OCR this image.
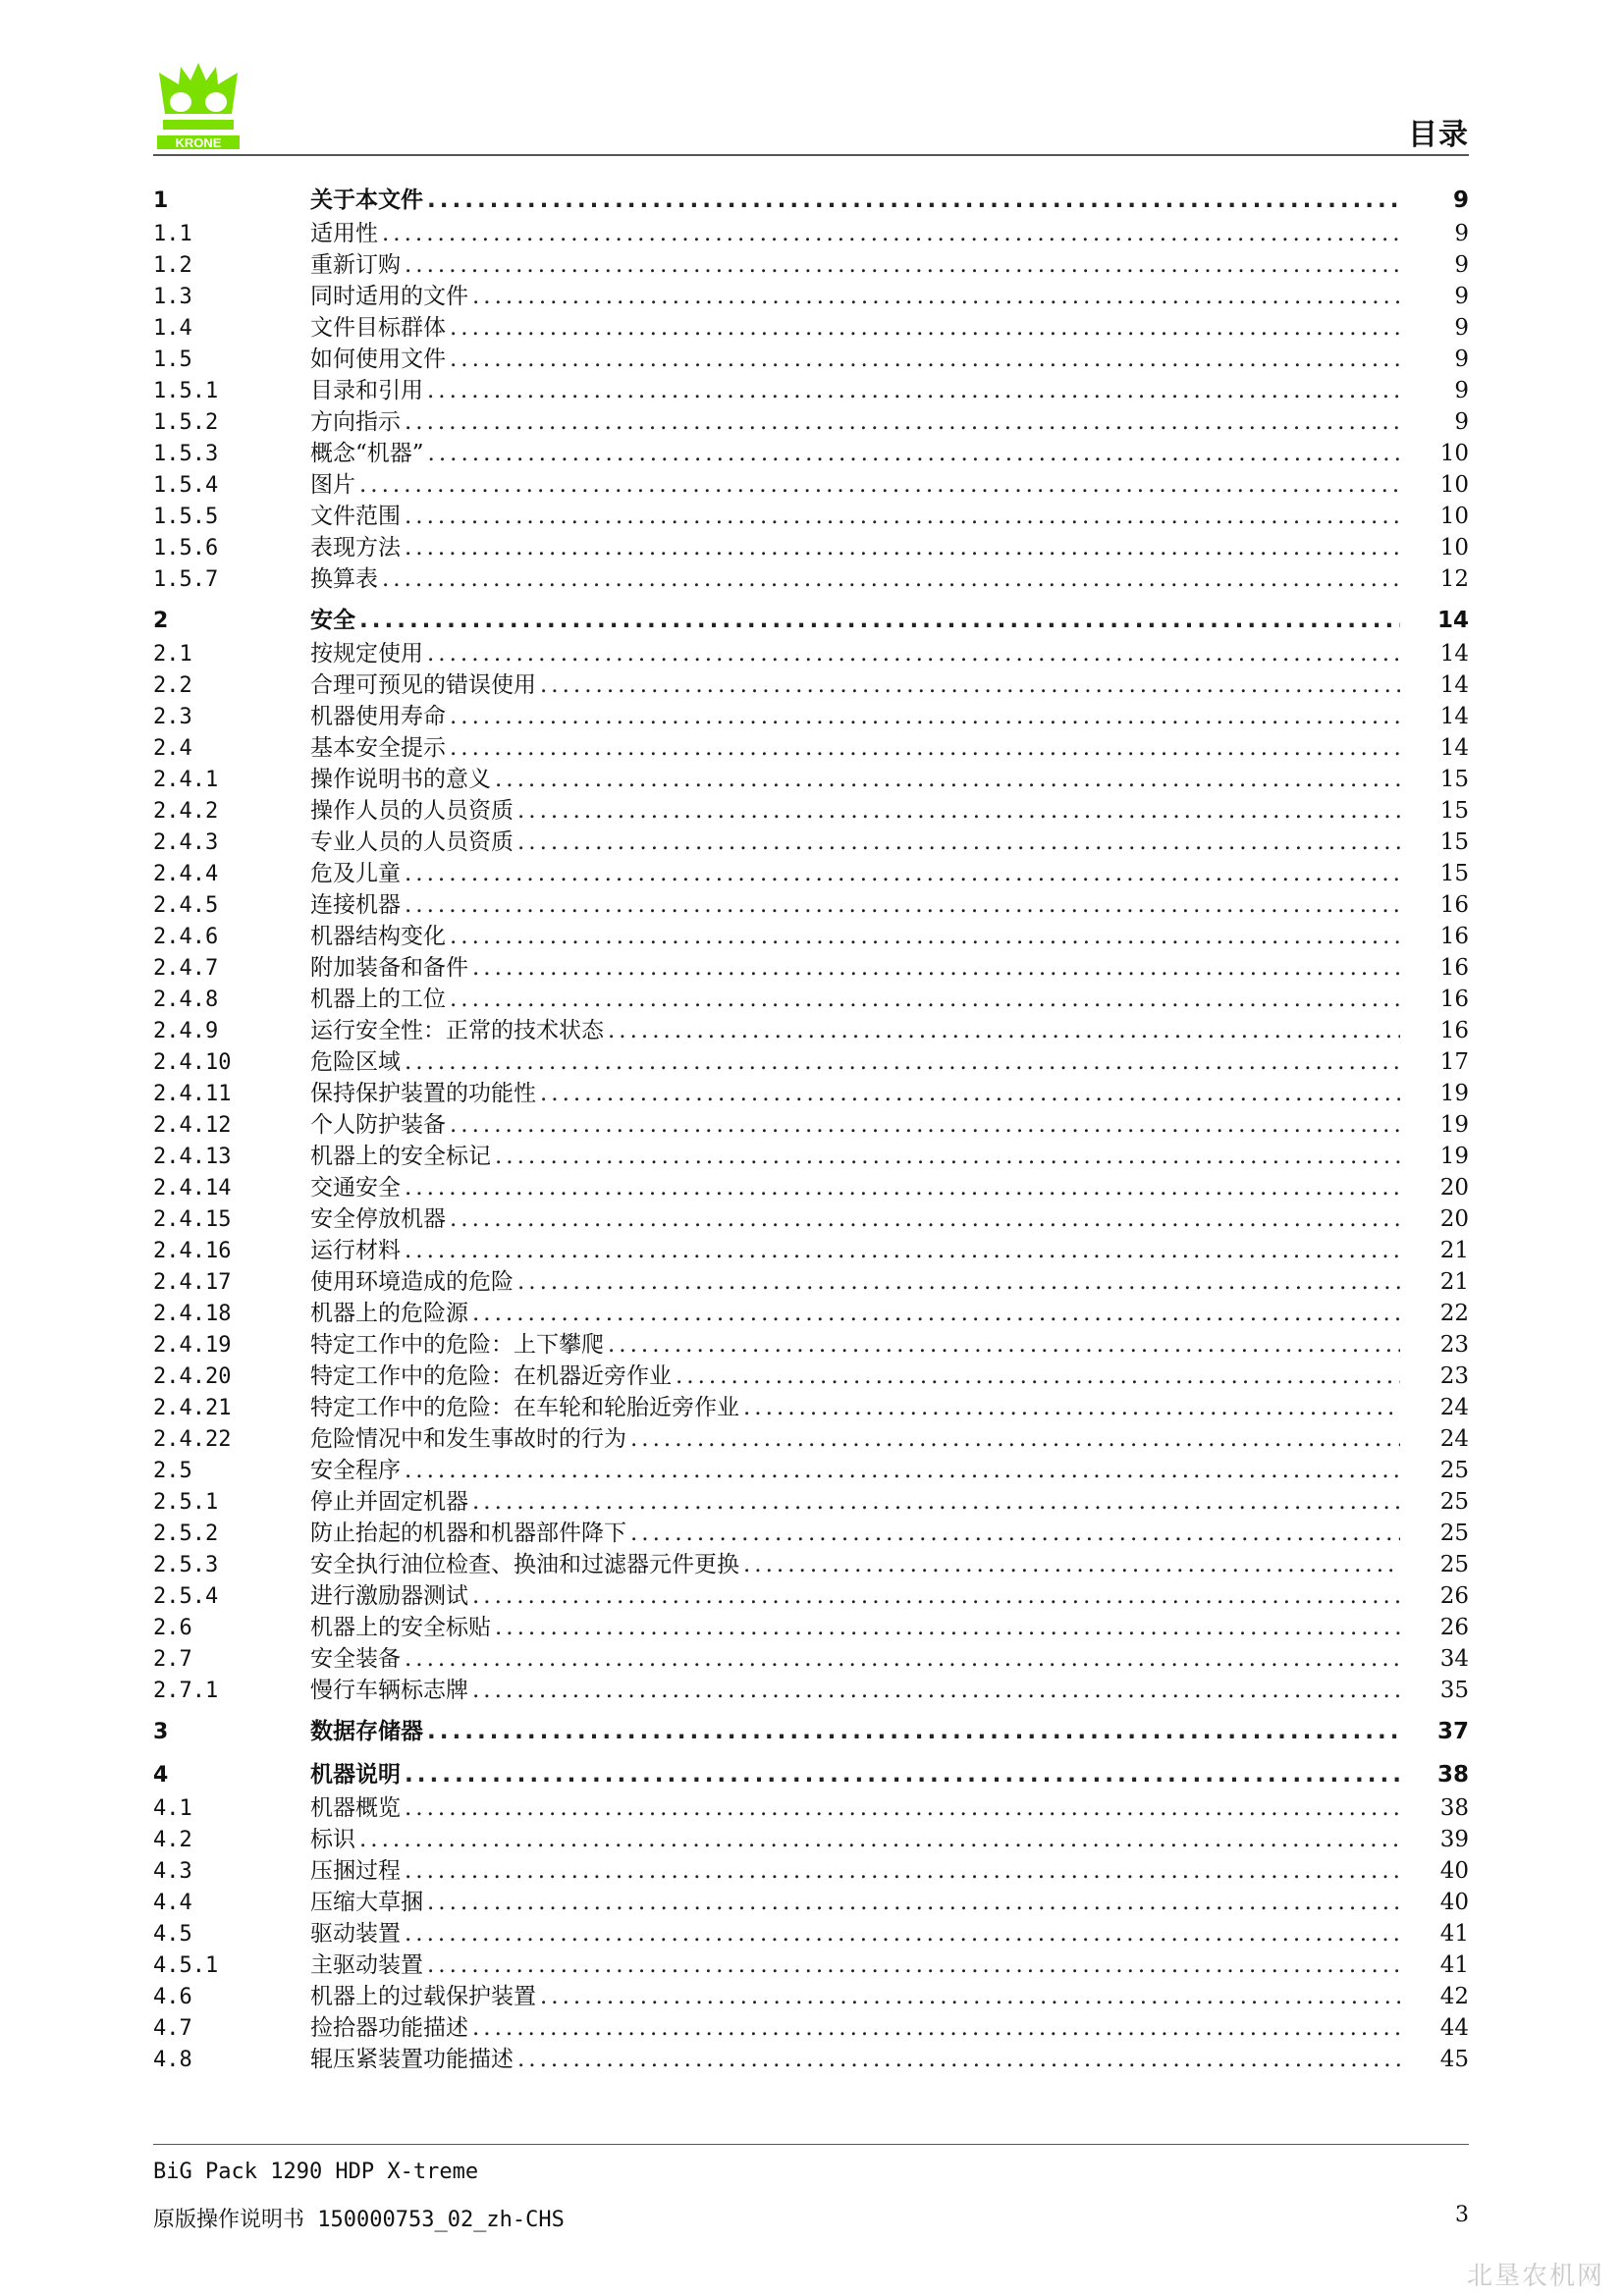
KRONE	目录
1	关于本文件 .....	9
1.1	适用性 .....	9
1.2	重新订购 .....	9
1.3	同时适用的文件 .....	9
1.4	文件目标群体 .....	9
1.5	如何使用文件 .....	9
1.5.1	目录和引用 .....	9
1.5.2	方向指示 .....	9
1.5.3	概念“机器” .....	10
1.5.4	图片 .....	10
1.5.5	文件范围 .....	10
1.5.6	表现方法 .....	10
1.5.7	换算表 .....	12
2	安全 .....	14
2.1	按规定使用 .....	14
2.2	合理可预见的错误使用 .....	14
2.3	机器使用寿命 .....	14
2.4	基本安全提示 .....	14
2.4.1	操作说明书的意义 .....	15
2.4.2	操作人员的人员资质 .....	15
2.4.3	专业人员的人员资质 .....	15
2.4.4	危及儿童 .....	15
2.4.5	连接机器 .....	16
2.4.6	机器结构变化 .....	16
2.4.7	附加装备和备件 .....	16
2.4.8	机器上的工位 .....	16
2.4.9	运行安全性：正常的技术状态 .....	16
2.4.10	危险区域 .....	17
2.4.11	保持保护装置的功能性 .....	19
2.4.12	个人防护装备 .....	19
2.4.13	机器上的安全标记 .....	19
2.4.14	交通安全 .....	20
2.4.15	安全停放机器 .....	20
2.4.16	运行材料 .....	21
2.4.17	使用环境造成的危险 .....	21
2.4.18	机器上的危险源 .....	22
2.4.19	特定工作中的危险：上下攀爬 .....	23
2.4.20	特定工作中的危险：在机器近旁作业 .....	23
2.4.21	特定工作中的危险：在车轮和轮胎近旁作业 .....	24
2.4.22	危险情况中和发生事故时的行为 .....	24
2.5	安全程序 .....	25
2.5.1	停止并固定机器 .....	25
2.5.2	防止抬起的机器和机器部件降下 .....	25
2.5.3	安全执行油位检查、换油和过滤器元件更换 .....	25
2.5.4	进行激励器测试 .....	26
2.6	机器上的安全标贴 .....	26
2.7	安全装备 .....	34
2.7.1	慢行车辆标志牌 .....	35
3	数据存储器 .....	37
4	机器说明 .....	38
4.1	机器概览 .....	38
4.2	标识 .....	39
4.3	压捆过程 .....	40
4.4	压缩大草捆 .....	40
4.5	驱动装置 .....	41
4.5.1	主驱动装置 .....	41
4.6	机器上的过载保护装置 .....	42
4.7	捡拾器功能描述 .....	44
4.8	辊压紧装置功能描述 .....	45
BiG Pack 1290 HDP X-treme
原版操作说明书 150000753_02_zh-CHS	3
北垦农机网
